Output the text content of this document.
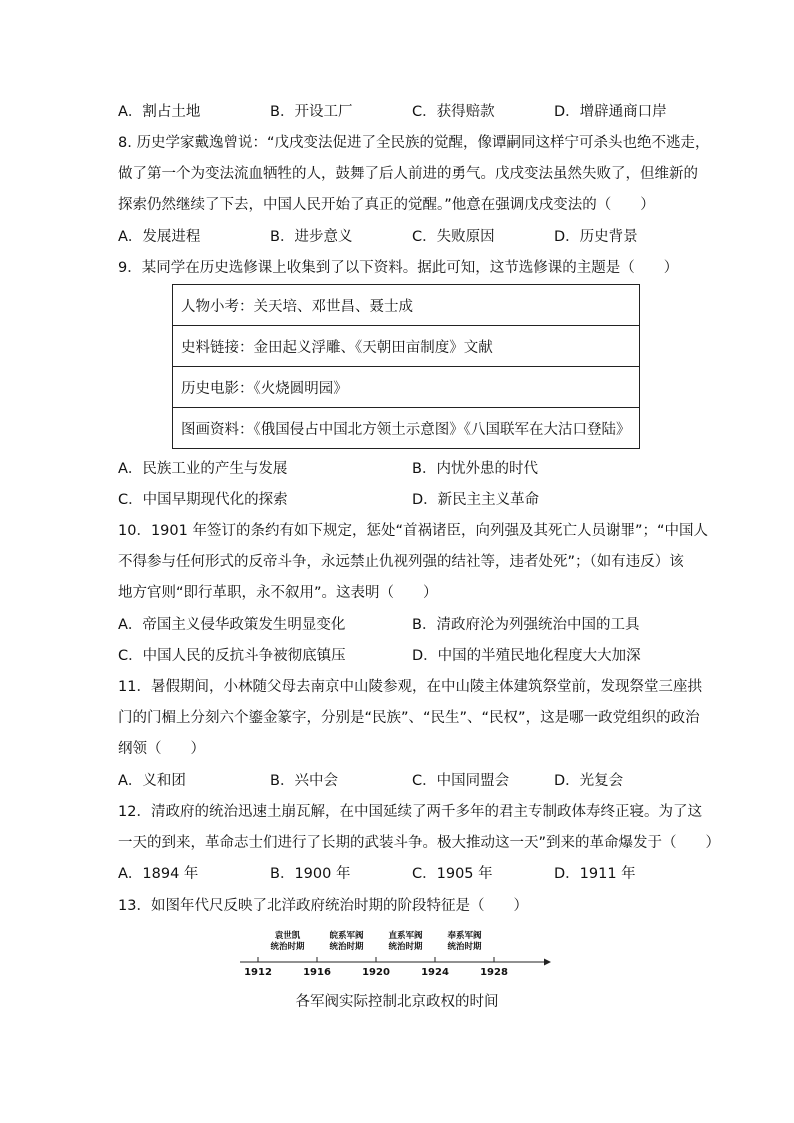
A．割占土地	B．开设工厂	C．获得赔款	D．增辟通商口岸
8. 历史学家戴逸曾说：“戊戌变法促进了全民族的觉醒，像谭嗣同这样宁可杀头也绝不逃走，
做了第一个为变法流血牺牲的人，鼓舞了后人前进的勇气。戊戌变法虽然失败了，但维新的
探索仍然继续了下去，中国人民开始了真正的觉醒。”他意在强调戊戌变法的（　　）
A．发展进程	B．进步意义	C．失败原因	D．历史背景
9．某同学在历史选修课上收集到了以下资料。据此可知，这节选修课的主题是（　　）
人物小考：关天培、邓世昌、聂士成
史料链接：金田起义浮雕、《天朝田亩制度》文献
历史电影：《火烧圆明园》
图画资料：《俄国侵占中国北方领土示意图》《八国联军在大沽口登陆》
A．民族工业的产生与发展	B．内忧外患的时代
C．中国早期现代化的探索	D．新民主主义革命
10．1901 年签订的条约有如下规定，惩处“首祸诸臣，向列强及其死亡人员谢罪”；“中国人
不得参与任何形式的反帝斗争，永远禁止仇视列强的结社等，违者处死”；（如有违反）该
地方官则“即行革职，永不叙用”。这表明（　　）
A．帝国主义侵华政策发生明显变化	B．清政府沦为列强统治中国的工具
C．中国人民的反抗斗争被彻底镇压	D．中国的半殖民地化程度大大加深
11．暑假期间，小林随父母去南京中山陵参观，在中山陵主体建筑祭堂前，发现祭堂三座拱
门的门楣上分刻六个鎏金篆字，分别是“民族”、“民生”、“民权”，这是哪一政党组织的政治
纲领（　　）
A．义和团	B．兴中会	C．中国同盟会	D．光复会
12．清政府的统治迅速土崩瓦解，在中国延续了两千多年的君主专制政体寿终正寝。为了这
一天的到来，革命志士们进行了长期的武装斗争。极大推动这一天”到来的革命爆发于（　　）
A．1894 年	B．1900 年	C．1905 年	D．1911 年
13．如图年代尺反映了北洋政府统治时期的阶段特征是（　　）
1912	1916	1920	1924	1928
袁世凯
统治时期
皖系军阀
统治时期
直系军阀
统治时期
奉系军阀
统治时期
各军阀实际控制北京政权的时间
